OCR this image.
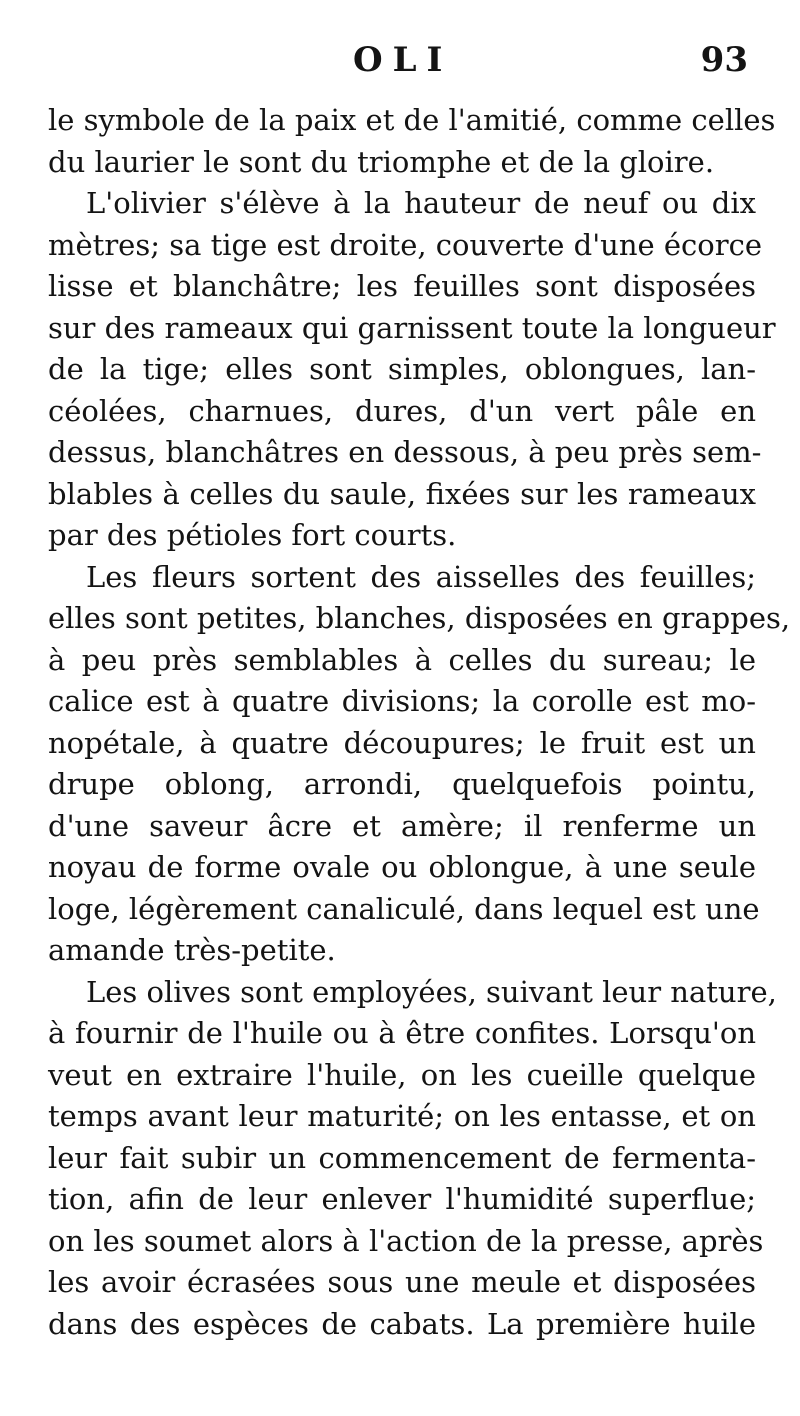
OLI	93
le symbole de la paix et de l'amitié, comme celles
du laurier le sont du triomphe et de la gloire.
L'olivier s'élève à la hauteur de neuf ou dix
mètres; sa tige est droite, couverte d'une écorce
lisse et blanchâtre; les feuilles sont disposées
sur des rameaux qui garnissent toute la longueur
de la tige; elles sont simples, oblongues, lan-
céolées, charnues, dures, d'un vert pâle en
dessus, blanchâtres en dessous, à peu près sem-
blables à celles du saule, fixées sur les rameaux
par des pétioles fort courts.
Les fleurs sortent des aisselles des feuilles;
elles sont petites, blanches, disposées en grappes,
à peu près semblables à celles du sureau; le
calice est à quatre divisions; la corolle est mo-
nopétale, à quatre découpures; le fruit est un
drupe oblong, arrondi, quelquefois pointu,
d'une saveur âcre et amère; il renferme un
noyau de forme ovale ou oblongue, à une seule
loge, légèrement canaliculé, dans lequel est une
amande très-petite.
Les olives sont employées, suivant leur nature,
à fournir de l'huile ou à être confites. Lorsqu'on
veut en extraire l'huile, on les cueille quelque
temps avant leur maturité; on les entasse, et on
leur fait subir un commencement de fermenta-
tion, afin de leur enlever l'humidité superflue;
on les soumet alors à l'action de la presse, après
les avoir écrasées sous une meule et disposées
dans des espèces de cabats. La première huile
